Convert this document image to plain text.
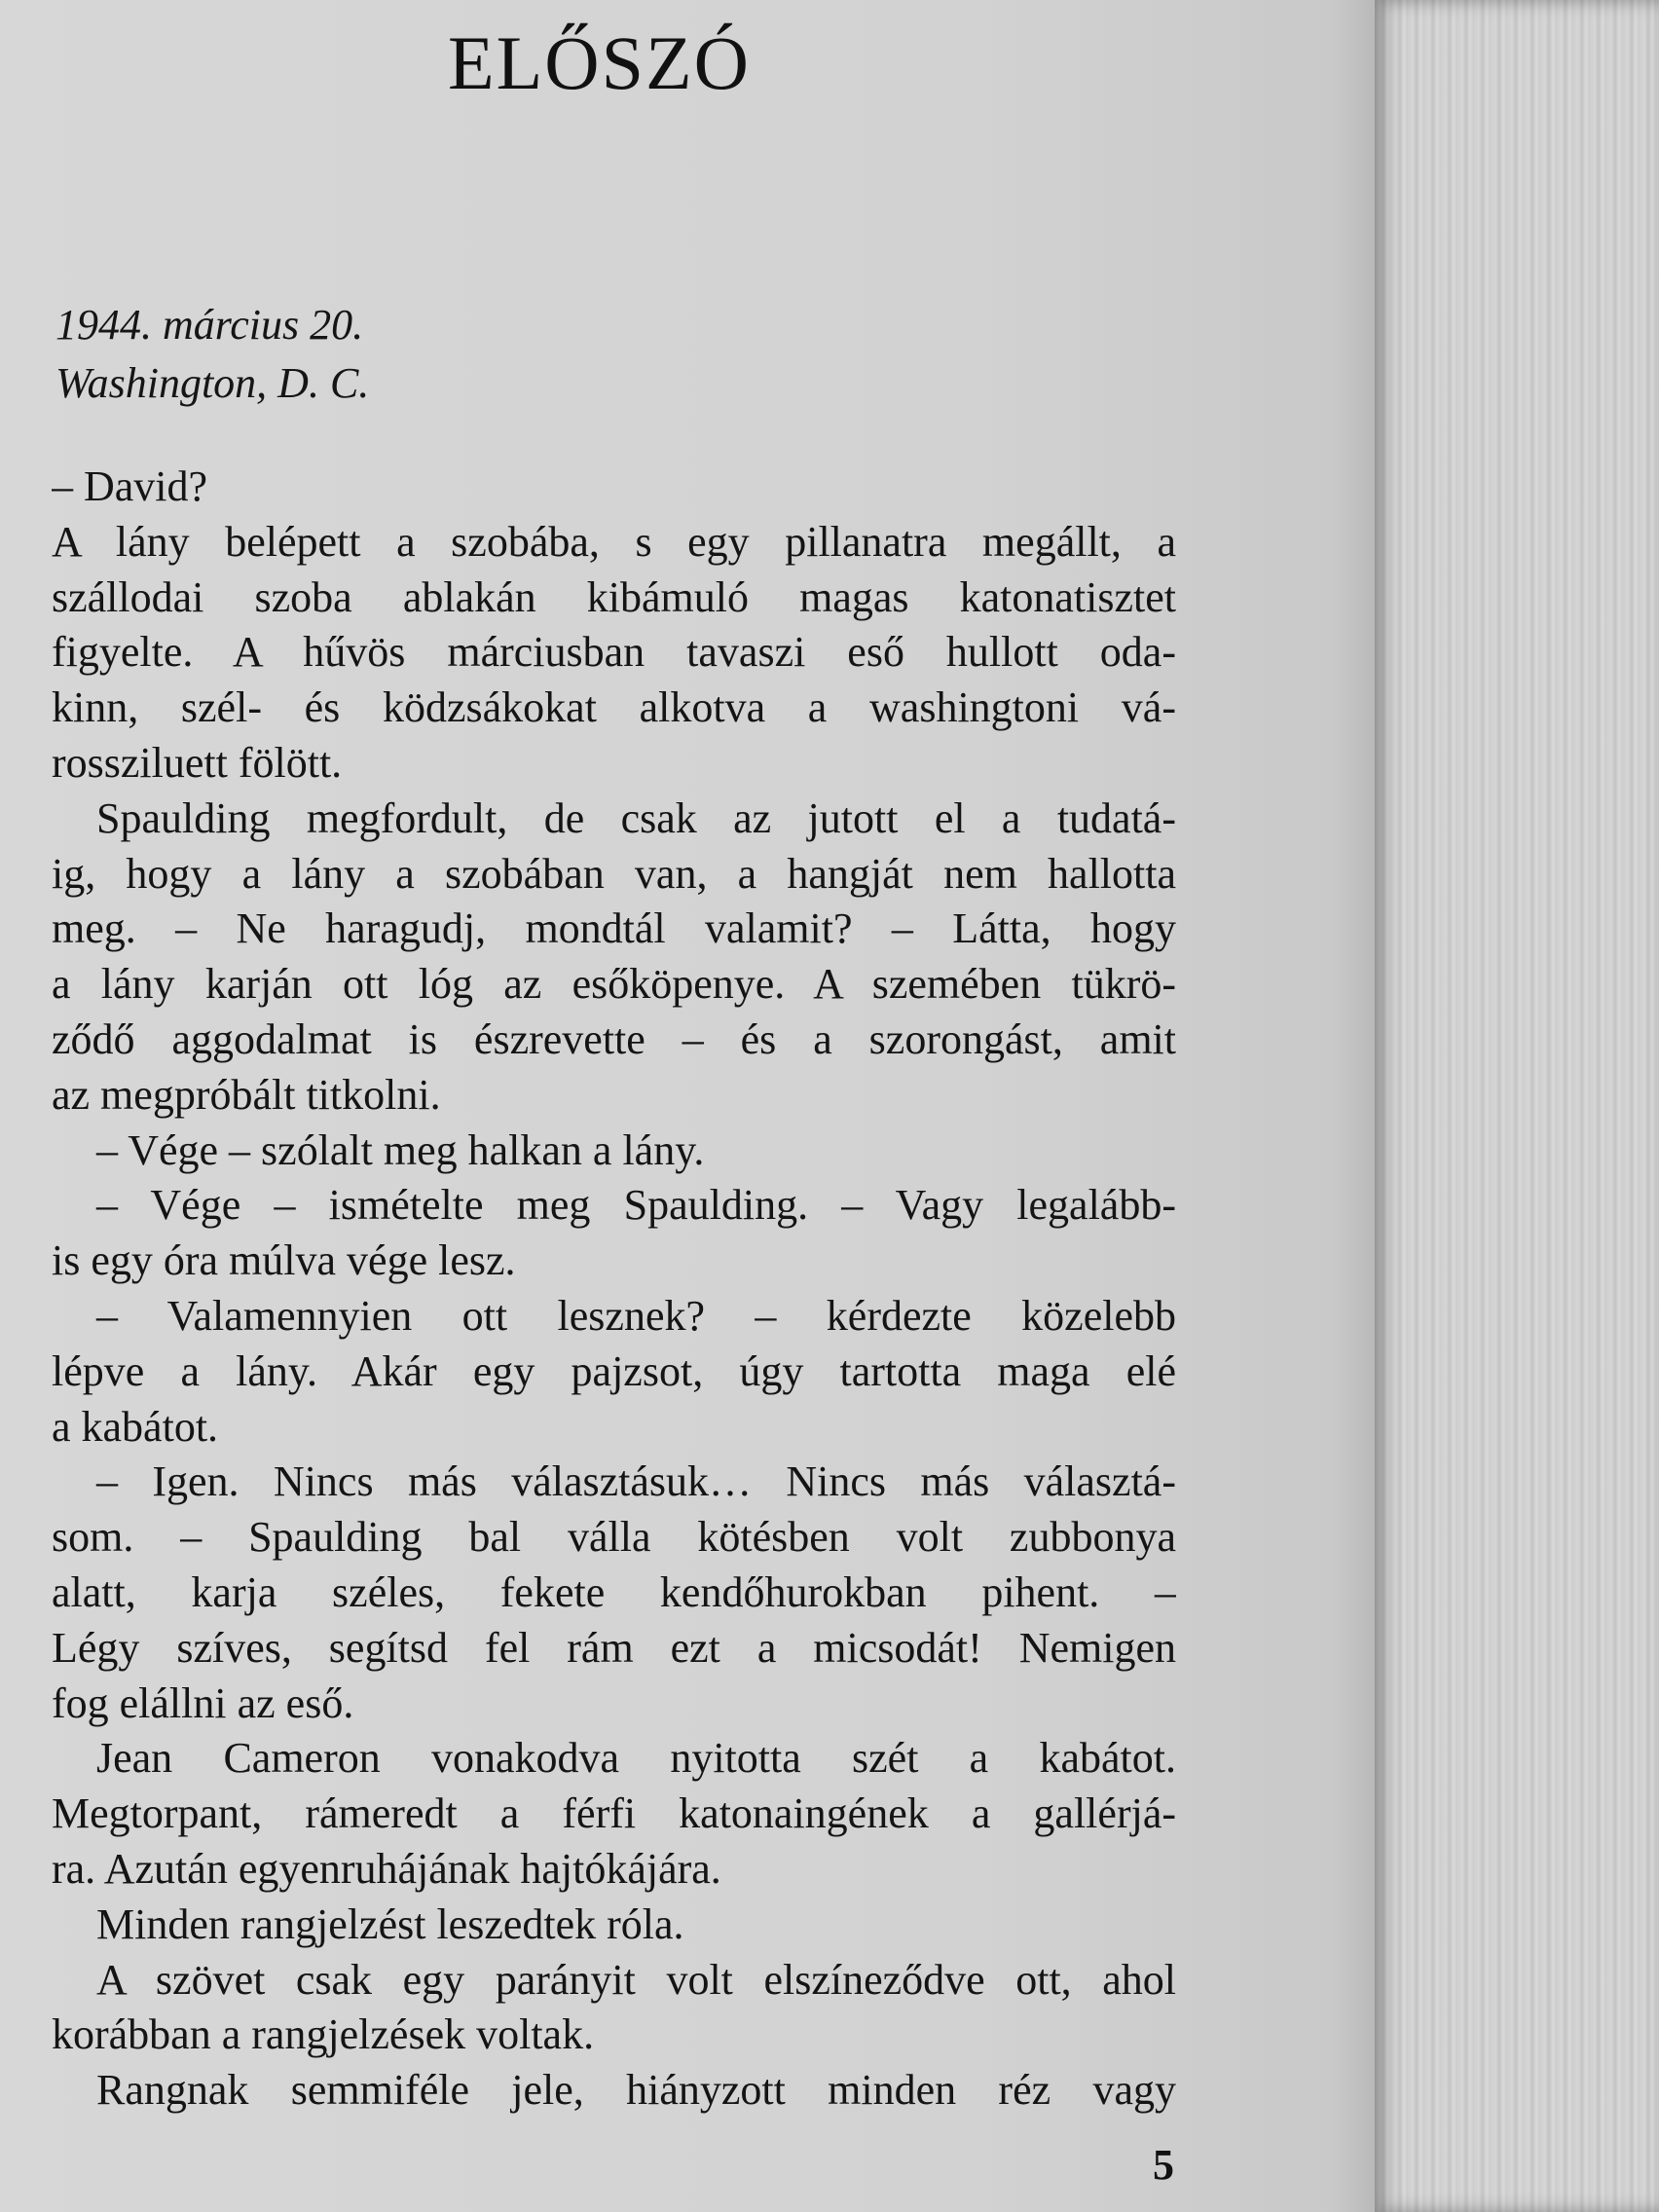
ELŐSZÓ
1944. március 20.
Washington, D. C.
– David?
A lány belépett a szobába, s egy pillanatra megállt, a
szállodai szoba ablakán kibámuló magas katonatisztet
figyelte. A hűvös márciusban tavaszi eső hullott oda-
kinn, szél- és ködzsákokat alkotva a washingtoni vá-
rossziluett fölött.
Spaulding megfordult, de csak az jutott el a tudatá-
ig, hogy a lány a szobában van, a hangját nem hallotta
meg. – Ne haragudj, mondtál valamit? – Látta, hogy
a lány karján ott lóg az esőköpenye. A szemében tükrö-
ződő aggodalmat is észrevette – és a szorongást, amit
az megpróbált titkolni.
– Vége – szólalt meg halkan a lány.
– Vége – ismételte meg Spaulding. – Vagy legalább-
is egy óra múlva vége lesz.
– Valamennyien ott lesznek? – kérdezte közelebb
lépve a lány. Akár egy pajzsot, úgy tartotta maga elé
a kabátot.
– Igen. Nincs más választásuk… Nincs más választá-
som. – Spaulding bal válla kötésben volt zubbonya
alatt, karja széles, fekete kendőhurokban pihent. –
Légy szíves, segítsd fel rám ezt a micsodát! Nemigen
fog elállni az eső.
Jean Cameron vonakodva nyitotta szét a kabátot.
Megtorpant, rámeredt a férfi katonaingének a gallérjá-
ra. Azután egyenruhájának hajtókájára.
Minden rangjelzést leszedtek róla.
A szövet csak egy parányit volt elszíneződve ott, ahol
korábban a rangjelzések voltak.
Rangnak semmiféle jele, hiányzott minden réz vagy
5
